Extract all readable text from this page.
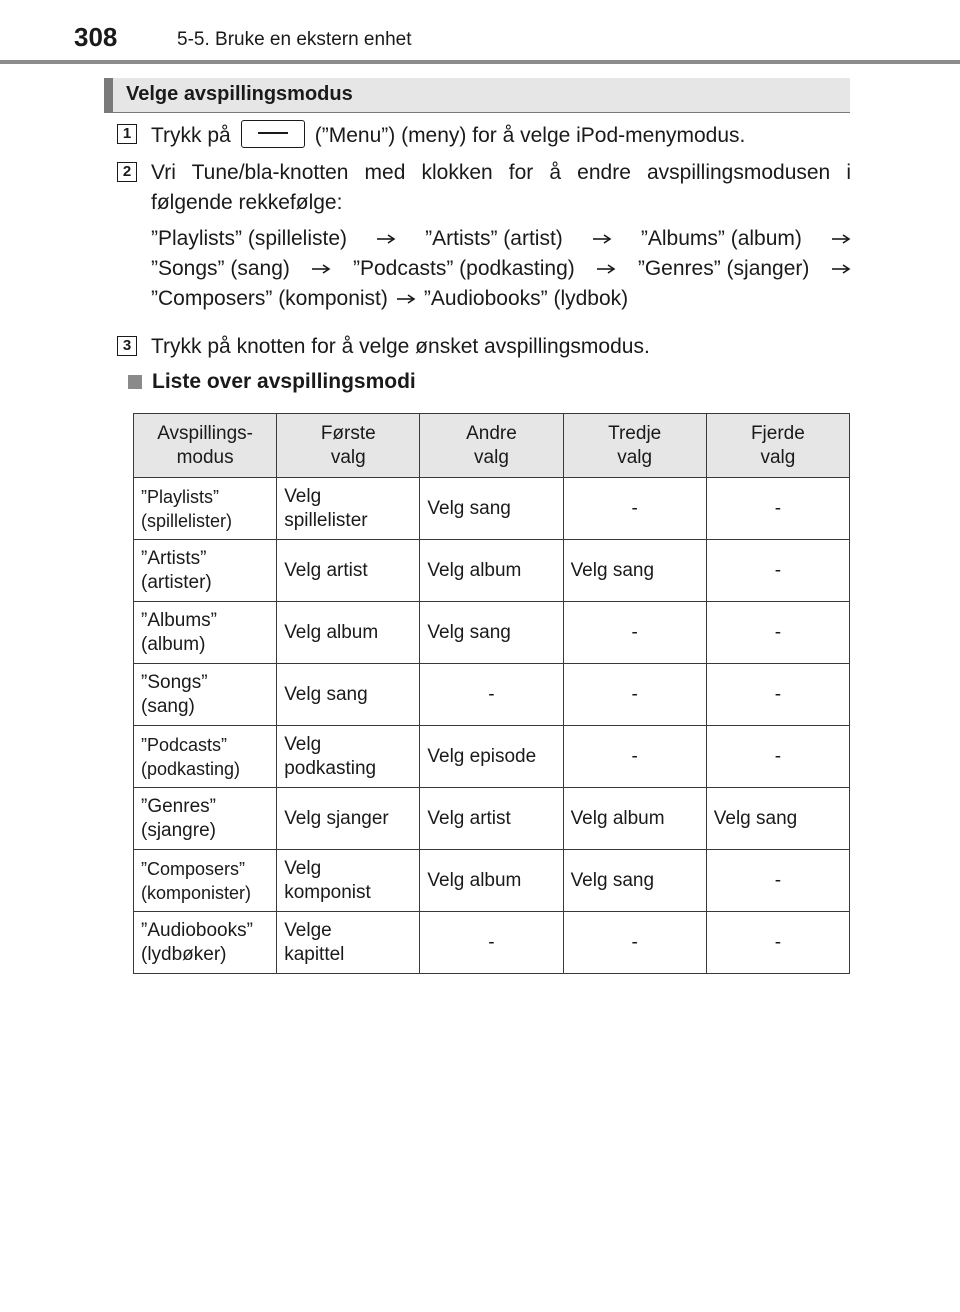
308	5-5. Bruke en ekstern enhet
Velge avspillingsmodus
1 Trykk på	(”Menu”) (meny) for å velge iPod-menymodus.
2 Vri Tune/bla-knotten med klokken for å endre avspillingsmodusen i
følgende rekkefølge:
”Playlists” (spilleliste)	”Artists” (artist)	”Albums” (album)
”Songs” (sang)	”Podcasts” (podkasting)	”Genres” (sjanger)
”Composers” (komponist) ”Audiobooks” (lydbok)
3 Trykk på knotten for å velge ønsket avspillingsmodus.
Liste over avspillingsmodi
Avspillings-
modus	Første
valg	Andre
valg	Tredje
valg	Fjerde
valg

”Playlists”
(spillelister)	Velg
spillelister	Velg sang	-	-

”Artists”
(artister)	Velg artist	Velg album	Velg sang	-

”Albums”
(album)	Velg album	Velg sang	-	-

”Songs”
(sang)	Velg sang	-	-	-

”Podcasts”
(podkasting)	Velg
podkasting	Velg episode	-	-

”Genres”
(sjangre)	Velg sjanger	Velg artist	Velg album	Velg sang

”Composers”
(komponister)	Velg
komponist	Velg album	Velg sang	-

”Audiobooks”
(lydbøker)	Velge
kapittel	-	-	-
